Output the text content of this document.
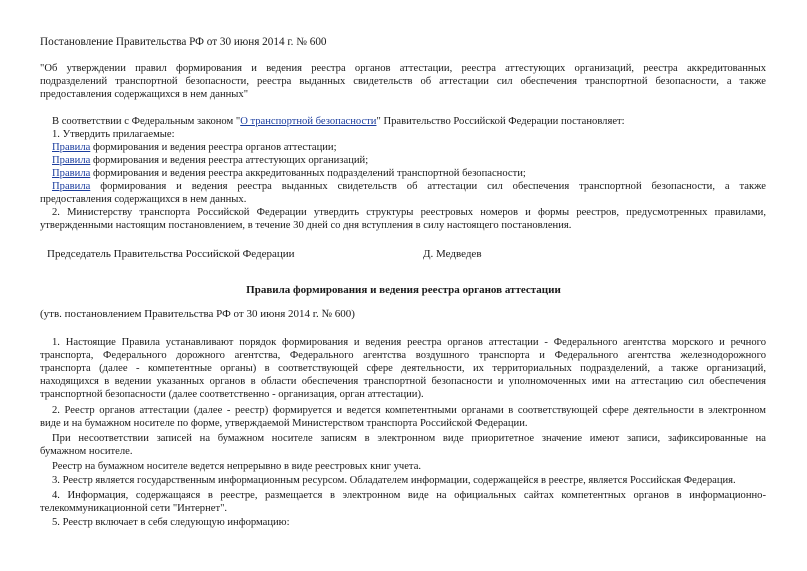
Постановление Правительства РФ от 30 июня 2014 г. № 600
"Об утверждении правил формирования и ведения реестра органов аттестации, реестра аттестующих организаций, реестра аккредитованных
подразделений транспортной безопасности, реестра выданных свидетельств об аттестации сил обеспечения транспортной безопасности, а также
предоставления содержащихся в нем данных"
В соответствии с Федеральным законом "О транспортной безопасности" Правительство Российской Федерации постановляет:
1. Утвердить прилагаемые:
Правила формирования и ведения реестра органов аттестации;
Правила формирования и ведения реестра аттестующих организаций;
Правила формирования и ведения реестра аккредитованных подразделений транспортной безопасности;
Правила формирования и ведения реестра выданных свидетельств об аттестации сил обеспечения транспортной безопасности, а также
предоставления содержащихся в нем данных.
2. Министерству транспорта Российской Федерации утвердить структуры реестровых номеров и формы реестров, предусмотренных правилами,
утвержденными настоящим постановлением, в течение 30 дней со дня вступления в силу настоящего постановления.
Председатель Правительства Российской Федерации	Д. Медведев
Правила формирования и ведения реестра органов аттестации
(утв. постановлением Правительства РФ от 30 июня 2014 г. № 600)
1. Настоящие Правила устанавливают порядок формирования и ведения реестра органов аттестации - Федерального агентства морского и речного
транспорта, Федерального дорожного агентства, Федерального агентства воздушного транспорта и Федерального агентства железнодорожного
транспорта (далее - компетентные органы) в соответствующей сфере деятельности, их территориальных подразделений, а также организаций,
находящихся в ведении указанных органов в области обеспечения транспортной безопасности и уполномоченных ими на аттестацию сил обеспечения
транспортной безопасности (далее соответственно - организация, орган аттестации).
2. Реестр органов аттестации (далее - реестр) формируется и ведется компетентными органами в соответствующей сфере деятельности в электронном
виде и на бумажном носителе по форме, утверждаемой Министерством транспорта Российской Федерации.
При несоответствии записей на бумажном носителе записям в электронном виде приоритетное значение имеют записи, зафиксированные на
бумажном носителе.
Реестр на бумажном носителе ведется непрерывно в виде реестровых книг учета.
3. Реестр является государственным информационным ресурсом. Обладателем информации, содержащейся в реестре, является Российская Федерация.
4. Информация, содержащаяся в реестре, размещается в электронном виде на официальных сайтах компетентных органов в информационно-
телекоммуникационной сети "Интернет".
5. Реестр включает в себя следующую информацию:
